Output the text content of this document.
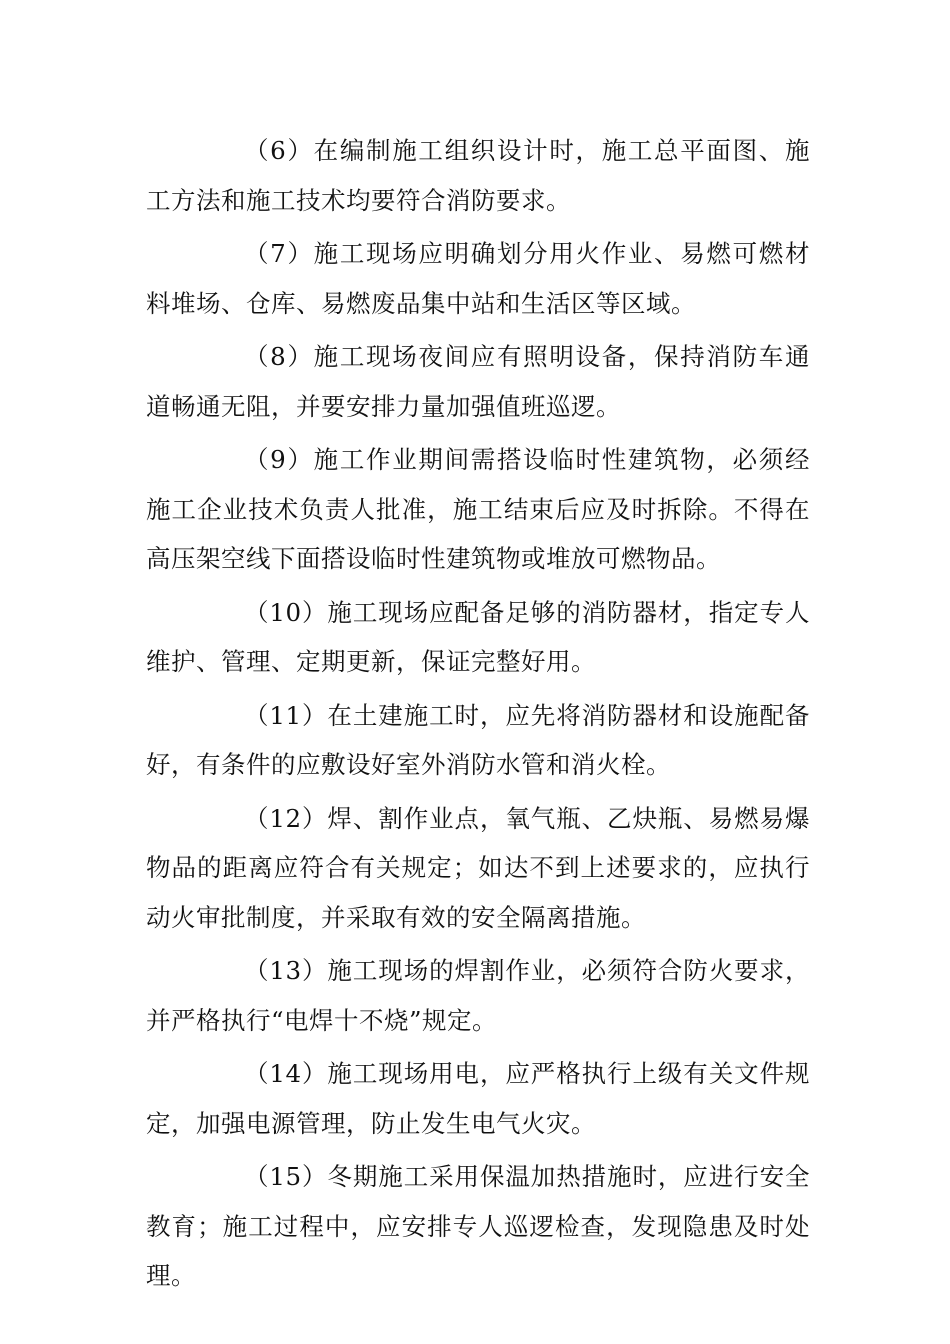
（6）在编制施工组织设计时，施工总平面图、施工方法和施工技术均要符合消防要求。

（7）施工现场应明确划分用火作业、易燃可燃材料堆场、仓库、易燃废品集中站和生活区等区域。

（8）施工现场夜间应有照明设备，保持消防车通道畅通无阻，并要安排力量加强值班巡逻。

（9）施工作业期间需搭设临时性建筑物，必须经施工企业技术负责人批准，施工结束后应及时拆除。不得在高压架空线下面搭设临时性建筑物或堆放可燃物品。

（10）施工现场应配备足够的消防器材，指定专人维护、管理、定期更新，保证完整好用。

（11）在土建施工时，应先将消防器材和设施配备好，有条件的应敷设好室外消防水管和消火栓。

（12）焊、割作业点，氧气瓶、乙炔瓶、易燃易爆物品的距离应符合有关规定；如达不到上述要求的，应执行动火审批制度，并采取有效的安全隔离措施。

（13）施工现场的焊割作业，必须符合防火要求，并严格执行“电焊十不烧”规定。

（14）施工现场用电，应严格执行上级有关文件规定，加强电源管理，防止发生电气火灾。

（15）冬期施工采用保温加热措施时，应进行安全教育；施工过程中，应安排专人巡逻检查，发现隐患及时处理。
